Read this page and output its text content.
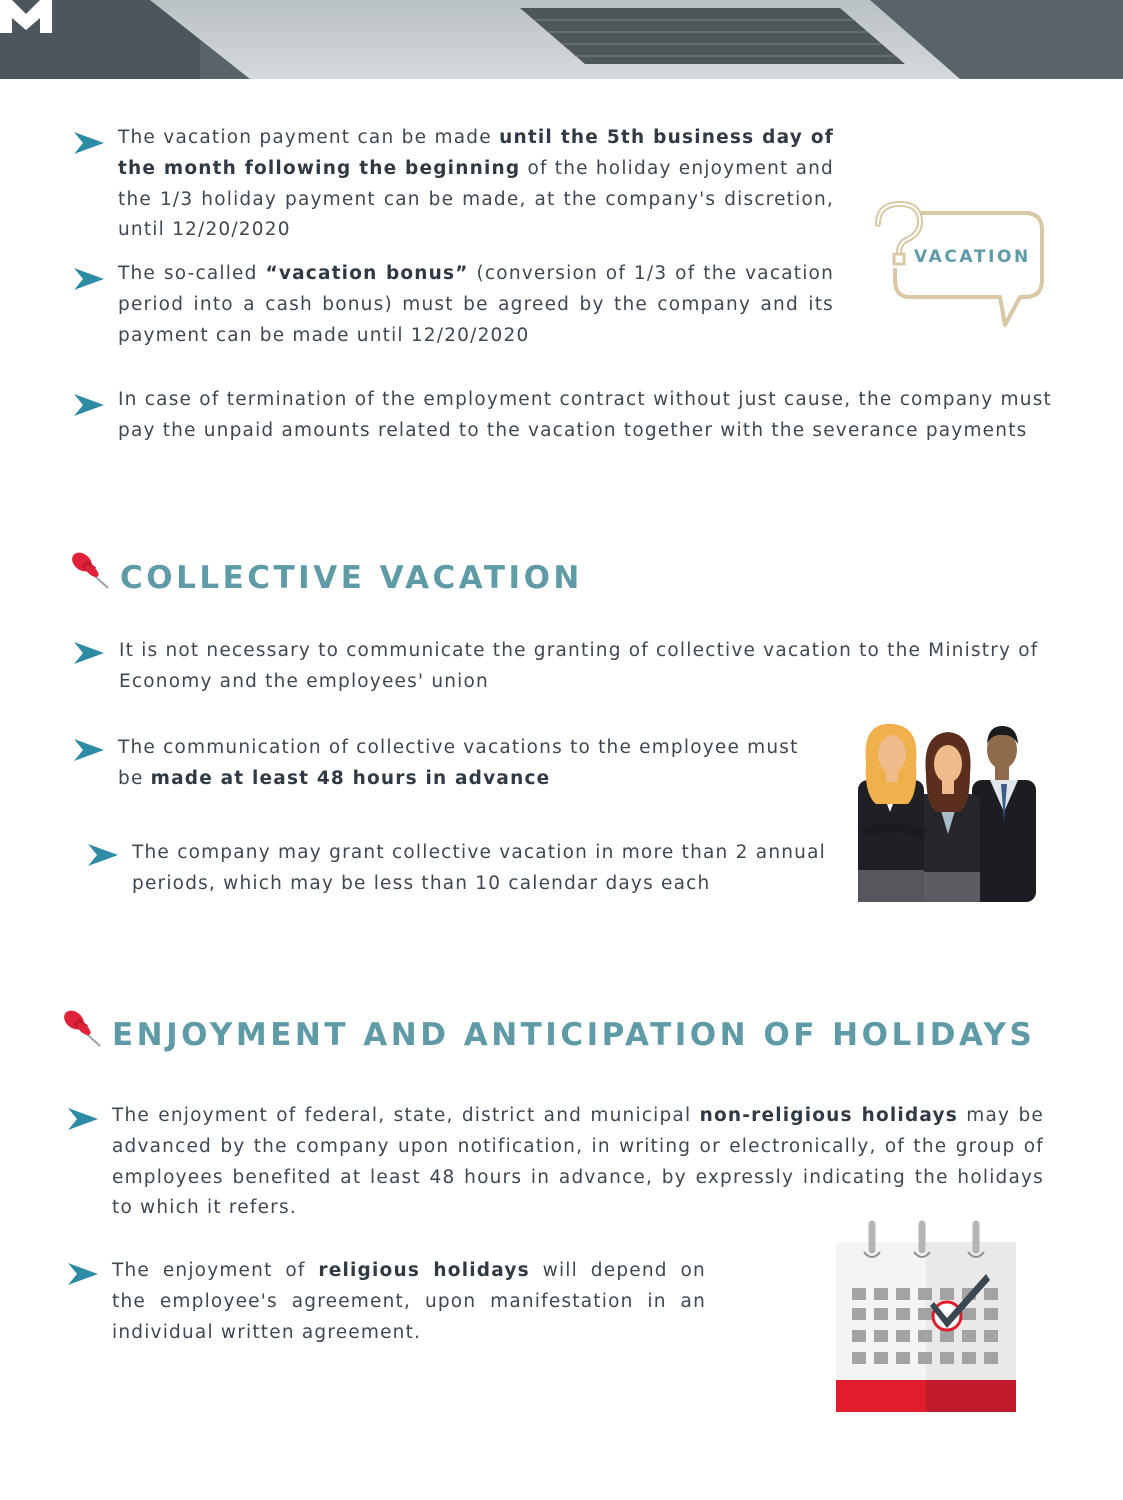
The vacation payment can be made until the 5th business day of the month following the beginning of the holiday enjoyment and the 1/3 holiday payment can be made, at the company's discretion, until 12/20/2020

The so-called “vacation bonus” (conversion of 1/3 of the vacation period into a cash bonus) must be agreed by the company and its payment can be made until 12/20/2020

In case of termination of the employment contract without just cause, the company must pay the unpaid amounts related to the vacation together with the severance payments

VACATION
COLLECTIVE VACATION

It is not necessary to communicate the granting of collective vacation to the Ministry of Economy and the employees' union

The communication of collective vacations to the employee must be made at least 48 hours in advance

The company may grant collective vacation in more than 2 annual periods, which may be less than 10 calendar days each

ENJOYMENT AND ANTICIPATION OF HOLIDAYS

The enjoyment of federal, state, district and municipal non-religious holidays may be advanced by the company upon notification, in writing or electronically, of the group of employees benefited at least 48 hours in advance, by expressly indicating the holidays to which it refers.

The enjoyment of religious holidays will depend on the employee's agreement, upon manifestation in an individual written agreement.
